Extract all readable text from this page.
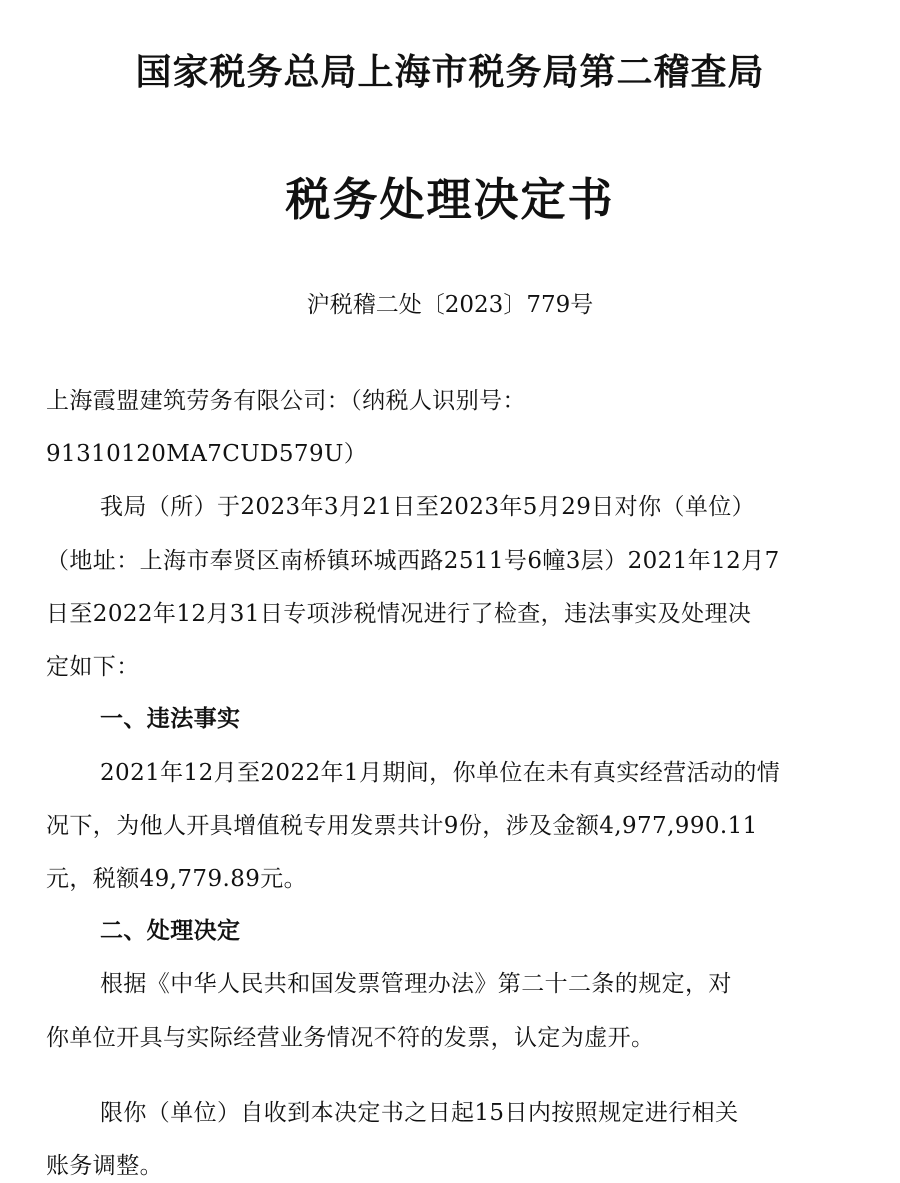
国家税务总局上海市税务局第二稽查局
税务处理决定书
沪税稽二处〔2023〕779号
上海霞盟建筑劳务有限公司：（纳税人识别号：
91310120MA7CUD579U）
我局（所）于2023年3月21日至2023年5月29日对你（单位）
（地址：上海市奉贤区南桥镇环城西路2511号6幢3层）2021年12月7
日至2022年12月31日专项涉税情况进行了检查，违法事实及处理决
定如下：
一、违法事实
2021年12月至2022年1月期间，你单位在未有真实经营活动的情
况下，为他人开具增值税专用发票共计9份，涉及金额4,977,990.11
元，税额49,779.89元。
二、处理决定
根据《中华人民共和国发票管理办法》第二十二条的规定，对
你单位开具与实际经营业务情况不符的发票，认定为虚开。
限你（单位）自收到本决定书之日起15日内按照规定进行相关
账务调整。
